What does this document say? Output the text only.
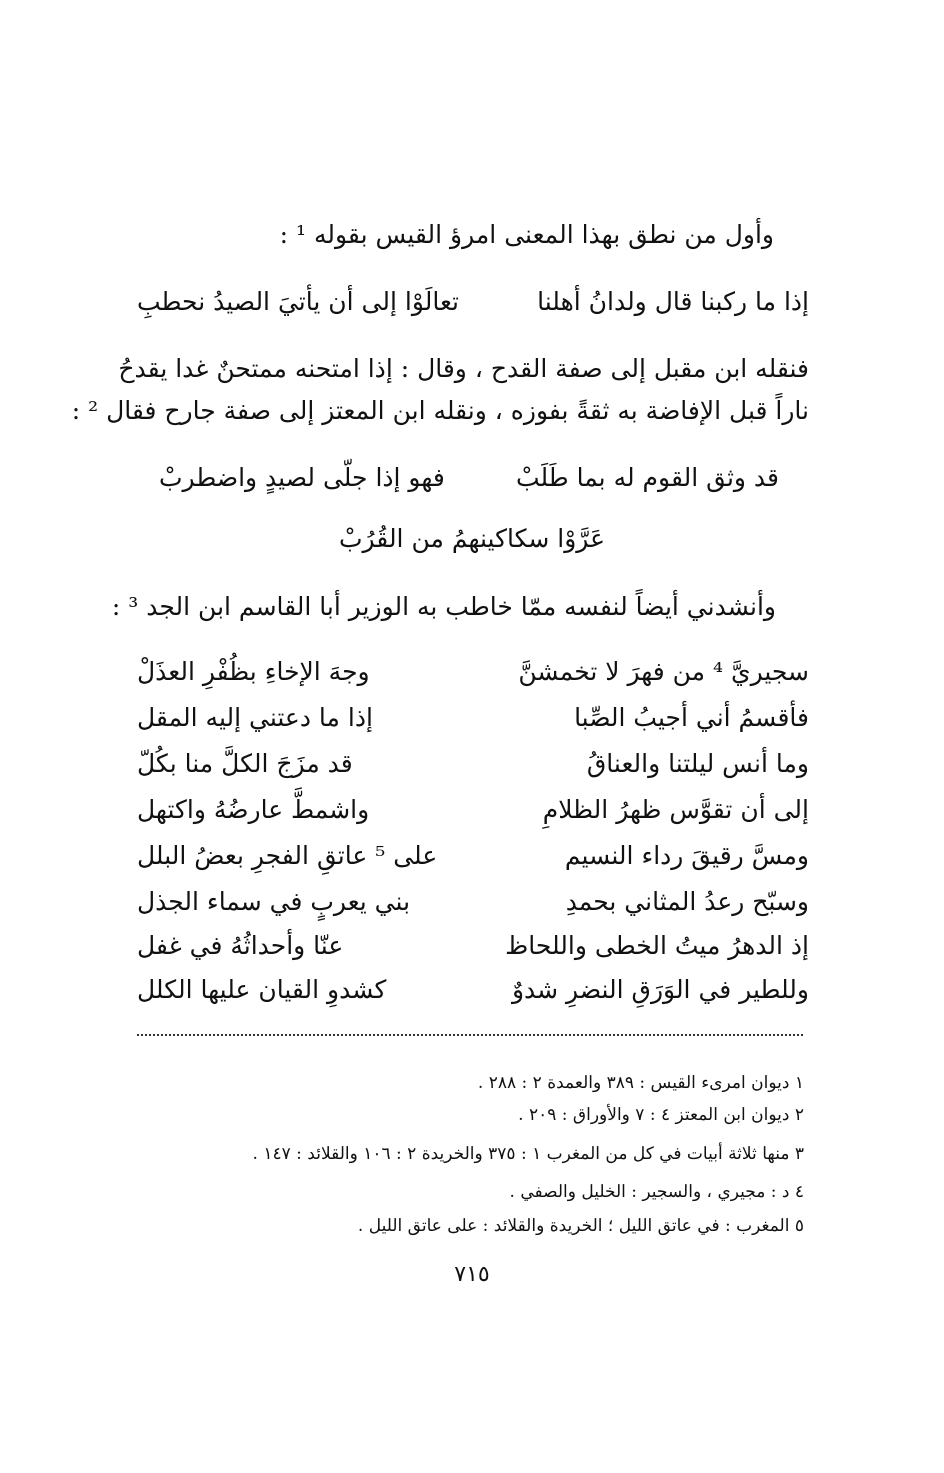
وأول من نطق بهذا المعنى امرؤ القيس بقوله ¹ :
إذا ما ركبنا قال ولدانُ أهلنا
تعالَوْا إلى أن يأتيَ الصيدُ نحطبِ
فنقله ابن مقبل إلى صفة القدح ، وقال : إذا امتحنه ممتحنٌ غدا يقدحُ
ناراً قبل الإفاضة به ثقةً بفوزه ، ونقله ابن المعتز إلى صفة جارح فقال ² :
قد وثق القوم له بما طَلَبْ
فهو إذا جلّى لصيدٍ واضطربْ
عَرَّوْا سكاكينهمُ من القُرُبْ
وأنشدني أيضاً لنفسه ممّا خاطب به الوزير أبا القاسم ابن الجد ³ :
سجيريَّ ⁴ من فهرَ لا تخمشنَّ
وجهَ الإخاءِ بظُفْرِ العذَلْ
فأقسمُ أني أجيبُ الصِّبا
إذا ما دعتني إليه المقل
وما أنس ليلتنا والعناقُ
قد مزَجَ الكلَّ منا بكُلّ
إلى أن تقوَّس ظهرُ الظلامِ
واشمطَّ عارضُهُ واكتهل
ومسَّ رقيقَ رداء النسيم
على ⁵ عاتقِ الفجرِ بعضُ البلل
وسبّح رعدُ المثاني بحمدِ
بني يعربٍ في سماء الجذل
إذ الدهرُ ميتُ الخطى واللحاظ
عنّا وأحداثُهُ في غفل
وللطير في الوَرَقِ النضرِ شدوٌ
كشدوِ القيان عليها الكلل
١ ديوان امرىء القيس : ٣٨٩ والعمدة ٢ : ٢٨٨ .
٢ ديوان ابن المعتز ٤ : ٧ والأوراق : ٢٠٩ .
٣ منها ثلاثة أبيات في كل من المغرب ١ : ٣٧٥ والخريدة ٢ : ١٠٦ والقلائد : ١٤٧ .
٤ د : مجيري ، والسجير : الخليل والصفي .
٥ المغرب : في عاتق الليل ؛ الخريدة والقلائد : على عاتق الليل .
٧١٥
